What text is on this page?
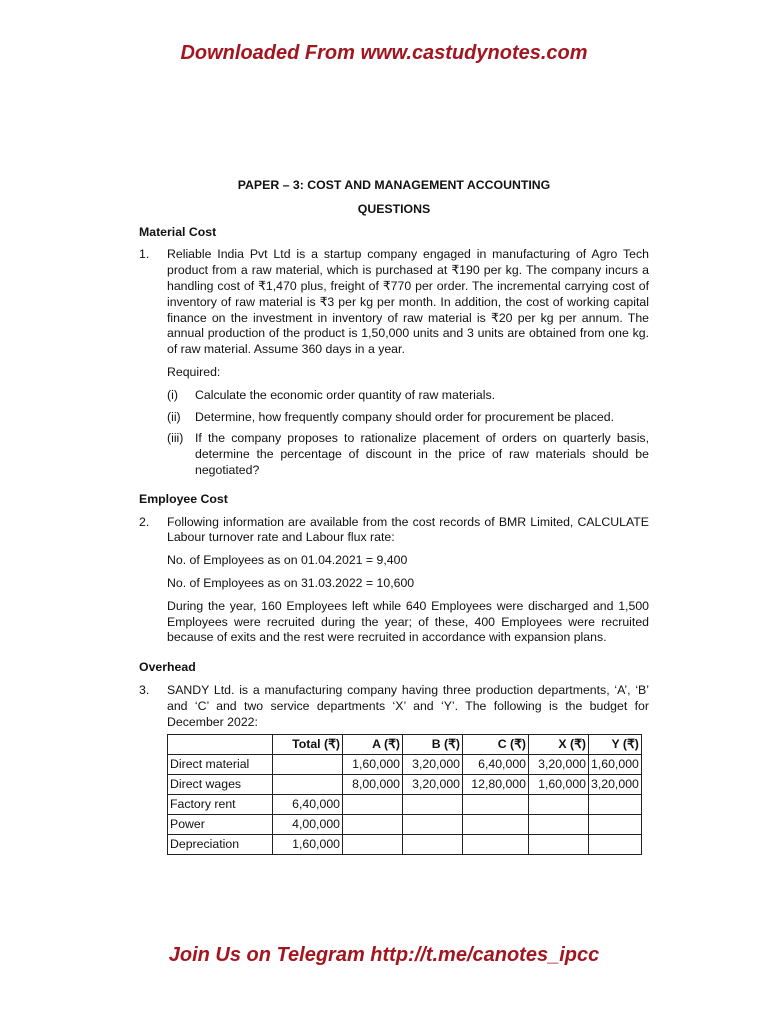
Downloaded From www.castudynotes.com
PAPER – 3: COST AND MANAGEMENT ACCOUNTING
QUESTIONS
Material Cost
1.	Reliable India Pvt Ltd is a startup company engaged in manufacturing of Agro Tech product from a raw material, which is purchased at ₹190 per kg. The company incurs a handling cost of ₹1,470 plus, freight of ₹770 per order. The incremental carrying cost of inventory of raw material is ₹3 per kg per month. In addition, the cost of working capital finance on the investment in inventory of raw material is ₹20 per kg per annum. The annual production of the product is 1,50,000 units and 3 units are obtained from one kg. of raw material. Assume 360 days in a year.

Required:

(i)	Calculate the economic order quantity of raw materials.
(ii)	Determine, how frequently company should order for procurement be placed.
(iii) If the company proposes to rationalize placement of orders on quarterly basis, determine the percentage of discount in the price of raw materials should be negotiated?
Employee Cost
2.	Following information are available from the cost records of BMR Limited, CALCULATE Labour turnover rate and Labour flux rate:

No. of Employees as on 01.04.2021 = 9,400

No. of Employees as on 31.03.2022 = 10,600

During the year, 160 Employees left while 640 Employees were discharged and 1,500 Employees were recruited during the year; of these, 400 Employees were recruited because of exits and the rest were recruited in accordance with expansion plans.

Overhead
3.	SANDY Ltd. is a manufacturing company having three production departments, ‘A’, ‘B’ and ‘C’ and two service departments ‘X’ and ‘Y’. The following is the budget for December 2022:

	Total (₹)	A (₹)	B (₹)	C (₹)	X (₹)	Y (₹)
Direct material		1,60,000	3,20,000	6,40,000	3,20,000	1,60,000
Direct wages		8,00,000	3,20,000	12,80,000	1,60,000	3,20,000
Factory rent	6,40,000					
Power	4,00,000					
Depreciation	1,60,000					
Join Us on Telegram http://t.me/canotes_ipcc
